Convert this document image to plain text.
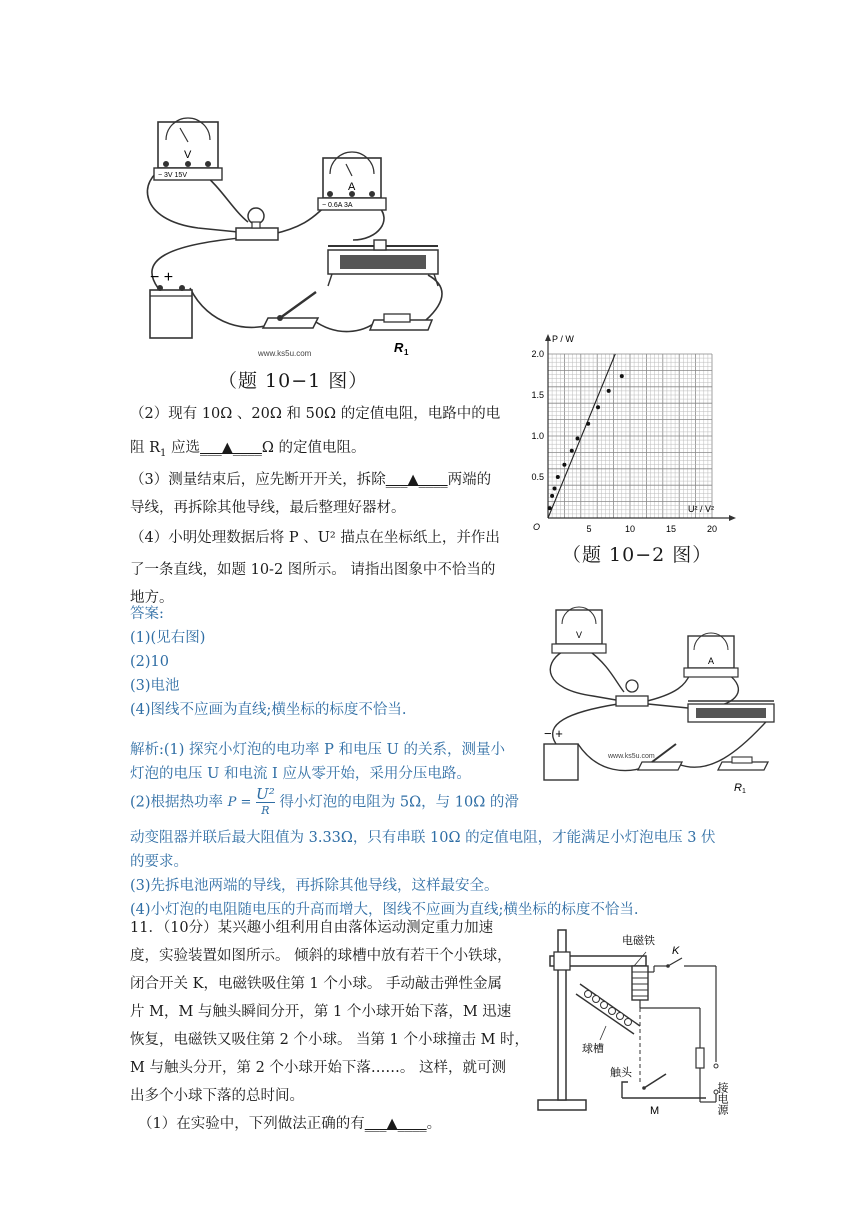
V
− 3V 15V
A
− 0.6A 3A
− +
R 1
www.ks5u.com
（题 10−1 图）
5	10	15	20
0.5
1.0
1.5
2.0
O
P / W
U² / V²
（题 10−2 图）
（2）现有 10Ω 、20Ω 和 50Ω 的定值电阻，电路中的电
阻 $R_1$ 应选___▲____Ω 的定值电阻。
（3）测量结束后，应先断开开关，拆除___▲____两端的
导线，再拆除其他导线，最后整理好器材。
（4）小明处理数据后将 P 、U² 描点在坐标纸上，并作出
了一条直线，如题 10-2 图所示。 请指出图象中不恰当的
地方。
答案:
(1)(见右图)
(2)10
(3)电池
(4)图线不应画为直线;横坐标的标度不恰当.
V
A
− +
R 1
www.ks5u.com
解析:(1) 探究小灯泡的电功率 P 和电压 U 的关系，测量小
灯泡的电压 U 和电流 I 应从零开始，采用分压电路。
(2)根据热功率 P = U²
R 得小灯泡的电阻为 5Ω，与 10Ω 的滑
动变阻器并联后最大阻值为 3.33Ω，只有串联 10Ω 的定值电阻，才能满足小灯泡电压 3 伏
的要求。
(3)先拆电池两端的导线，再拆除其他导线，这样最安全。
(4)小灯泡的电阻随电压的升高而增大，图线不应画为直线;横坐标的标度不恰当.
11．（10分）某兴趣小组利用自由落体运动测定重力加速
度，实验装置如图所示。 倾斜的球槽中放有若干个小铁球，
闭合开关 K，电磁铁吸住第 1 个小球。 手动敲击弹性金属
片 M，M 与触头瞬间分开，第 1 个小球开始下落，M 迅速
恢复，电磁铁又吸住第 2 个小球。 当第 1 个小球撞击 M 时，
M 与触头分开，第 2 个小球开始下落……。 这样，就可测
出多个小球下落的总时间。
（1）在实验中，下列做法正确的有___▲____。
电磁铁
K
球槽
触头
M	接电源
